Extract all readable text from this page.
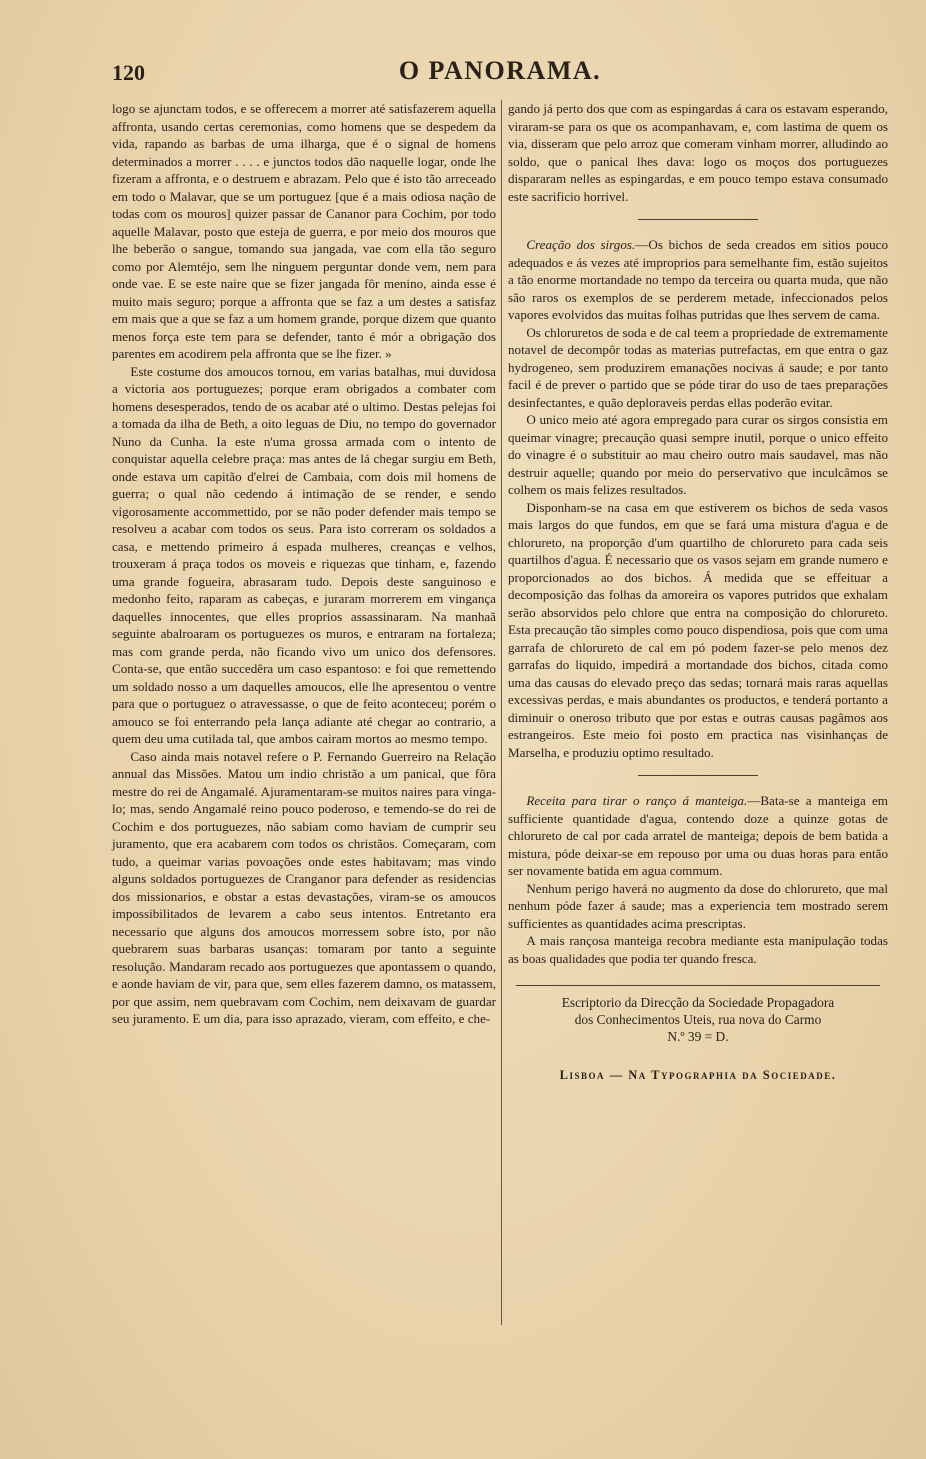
120	O PANORAMA.

logo se ajunctam todos, e se offerecem a morrer até satisfazerem aquella affronta, usando certas ceremonias, como homens que se despedem da vida, rapando as barbas de uma ilharga, que é o signal de homens determinados a morrer . . . . e junctos todos dão naquelle logar, onde lhe fizeram a affronta, e o destruem e abrazam. Pelo que é isto tão arreceado em todo o Malavar, que se um portuguez [que é a mais odiosa nação de todas com os mouros] quizer passar de Cananor para Cochim, por todo aquelle Malavar, posto que esteja de guerra, e por meio dos mouros que lhe beberão o sangue, tomando sua jangada, vae com ella tão seguro como por Alemtéjo, sem lhe ninguem perguntar donde vem, nem para onde vae. E se este naire que se fizer jangada fôr menino, ainda esse é muito mais seguro; porque a affronta que se faz a um destes a satisfaz em mais que a que se faz a um homem grande, porque dizem que quanto menos força este tem para se defender, tanto é mór a obrigação dos parentes em acodirem pela affronta que se lhe fizer. »

Este costume dos amoucos tornou, em varias batalhas, mui duvidosa a victoria aos portuguezes; porque eram obrigados a combater com homens desesperados, tendo de os acabar até o ultimo. Destas pelejas foi a tomada da ilha de Beth, a oito leguas de Diu, no tempo do governador Nuno da Cunha. Ia este n'uma grossa armada com o intento de conquistar aquella celebre praça: mas antes de lá chegar surgiu em Beth, onde estava um capitão d'elrei de Cambaia, com dois mil homens de guerra; o qual não cedendo á intimação de se render, e sendo vigorosamente accommettido, por se não poder defender mais tempo se resolveu a acabar com todos os seus. Para isto correram os soldados a casa, e mettendo primeiro á espada mulheres, creanças e velhos, trouxeram á praça todos os moveis e riquezas que tinham, e, fazendo uma grande fogueira, abrasaram tudo. Depois deste sanguinoso e medonho feito, raparam as cabeças, e juraram morrerem em vingança daquelles innocentes, que elles proprios assassinaram. Na manhaã seguinte abalroaram os portuguezes os muros, e entraram na fortaleza; mas com grande perda, não ficando vivo um unico dos defensores. Conta-se, que então succedêra um caso espantoso: e foi que remettendo um soldado nosso a um daquelles amoucos, elle lhe apresentou o ventre para que o portuguez o atravessasse, o que de feito aconteceu; porém o amouco se foi enterrando pela lança adiante até chegar ao contrario, a quem deu uma cutilada tal, que ambos cairam mortos ao mesmo tempo.

Caso ainda mais notavel refere o P. Fernando Guerreiro na Relação annual das Missões. Matou um indio christão a um panical, que fôra mestre do rei de Angamalé. Ajuramentaram-se muitos naires para vinga-lo; mas, sendo Angamalé reino pouco poderoso, e temendo-se do rei de Cochim e dos portuguezes, não sabiam como haviam de cumprir seu juramento, que era acabarem com todos os christãos. Começaram, com tudo, a queimar varias povoações onde estes habitavam; mas vindo alguns soldados portuguezes de Cranganor para defender as residencias dos missionarios, e obstar a estas devastações, viram-se os amoucos impossibilitados de levarem a cabo seus intentos. Entretanto era necessario que alguns dos amoucos morressem sobre isto, por não quebrarem suas barbaras usanças: tomaram por tanto a seguinte resolução. Mandaram recado aos portuguezes que apontassem o quando, e aonde haviam de vir, para que, sem elles fazerem damno, os matassem, por que assim, nem quebravam com Cochim, nem deixavam de guardar seu juramento. E um dia, para isso aprazado, vieram, com effeito, e che-

gando já perto dos que com as espingardas á cara os estavam esperando, viraram-se para os que os acompanhavam, e, com lastima de quem os via, disseram que pelo arroz que comeram vinham morrer, alludindo ao soldo, que o panical lhes dava: logo os moços dos portuguezes dispararam nelles as espingardas, e em pouco tempo estava consumado este sacrificio horrivel.

Creação dos sirgos.—Os bichos de seda creados em sitios pouco adequados e ás vezes até improprios para semelhante fim, estão sujeitos a tão enorme mortandade no tempo da terceira ou quarta muda, que não são raros os exemplos de se perderem metade, infeccionados pelos vapores evolvidos das muitas folhas putridas que lhes servem de cama.

Os chloruretos de soda e de cal teem a propriedade de extremamente notavel de decompôr todas as materias putrefactas, em que entra o gaz hydrogeneo, sem produzirem emanações nocivas á saude; e por tanto facil é de prever o partido que se póde tirar do uso de taes preparações desinfectantes, e quão deploraveis perdas ellas poderão evitar.

O unico meio até agora empregado para curar os sirgos consistia em queimar vinagre; precaução quasi sempre inutil, porque o unico effeito do vinagre é o substituir ao mau cheiro outro mais saudavel, mas não destruir aquelle; quando por meio do perservativo que inculcâmos se colhem os mais felizes resultados.

Disponham-se na casa em que estiverem os bichos de seda vasos mais largos do que fundos, em que se fará uma mistura d'agua e de chlorureto, na proporção d'um quartilho de chlorureto para cada seis quartilhos d'agua. É necessario que os vasos sejam em grande numero e proporcionados ao dos bichos. Á medida que se effeituar a decomposição das folhas da amoreira os vapores putridos que exhalam serão absorvidos pelo chlore que entra na composição do chlorureto. Esta precaução tão simples como pouco dispendiosa, pois que com uma garrafa de chlorureto de cal em pó podem fazer-se pelo menos dez garrafas do liquido, impedirá a mortandade dos bichos, citada como uma das causas do elevado preço das sedas; tornará mais raras aquellas excessivas perdas, e mais abundantes os productos, e tenderá portanto a diminuir o oneroso tributo que por estas e outras causas pagâmos aos estrangeiros. Este meio foi posto em practica nas visinhanças de Marselha, e produziu optimo resultado.

Receita para tirar o ranço á manteiga.—Bata-se a manteiga em sufficiente quantidade d'agua, contendo doze a quinze gotas de chlorureto de cal por cada arratel de manteiga; depois de bem batida a mistura, póde deixar-se em repouso por uma ou duas horas para então ser novamente batida em agua commum.

Nenhum perigo haverá no augmento da dose do chlorureto, que mal nenhum póde fazer á saude; mas a experiencia tem mostrado serem sufficientes as quantidades acima prescriptas.

A mais rançosa manteiga recobra mediante esta manipulação todas as boas qualidades que podia ter quando fresca.

Escriptorio da Direcção da Sociedade Propagadora
dos Conhecimentos Uteis, rua nova do Carmo
N.º 39 = D.
Lisboa — Na Typographia da Sociedade.
